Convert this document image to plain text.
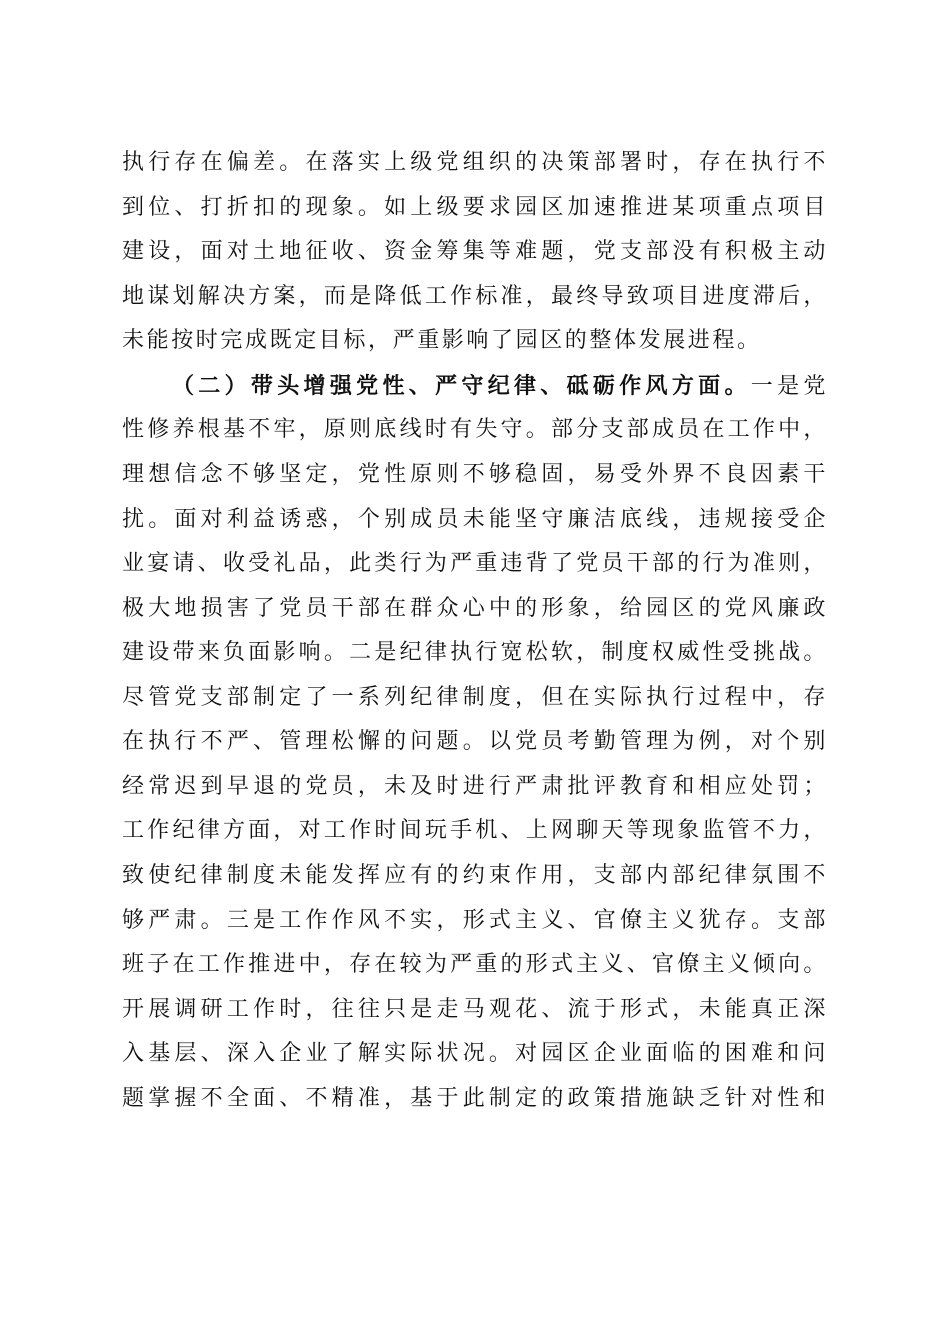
执行存在偏差。在落实上级党组织的决策部署时，存在执行不
到位、打折扣的现象。如上级要求园区加速推进某项重点项目
建设，面对土地征收、资金筹集等难题，党支部没有积极主动
地谋划解决方案，而是降低工作标准，最终导致项目进度滞后，
未能按时完成既定目标，严重影响了园区的整体发展进程。
（二）带头增强党性、严守纪律、砥砺作风方面。一是党
性修养根基不牢，原则底线时有失守。部分支部成员在工作中，
理想信念不够坚定，党性原则不够稳固，易受外界不良因素干
扰。面对利益诱惑，个别成员未能坚守廉洁底线，违规接受企
业宴请、收受礼品，此类行为严重违背了党员干部的行为准则，
极大地损害了党员干部在群众心中的形象，给园区的党风廉政
建设带来负面影响。二是纪律执行宽松软，制度权威性受挑战。
尽管党支部制定了一系列纪律制度，但在实际执行过程中，存
在执行不严、管理松懈的问题。以党员考勤管理为例，对个别
经常迟到早退的党员，未及时进行严肃批评教育和相应处罚；
工作纪律方面，对工作时间玩手机、上网聊天等现象监管不力，
致使纪律制度未能发挥应有的约束作用，支部内部纪律氛围不
够严肃。三是工作作风不实，形式主义、官僚主义犹存。支部
班子在工作推进中，存在较为严重的形式主义、官僚主义倾向。
开展调研工作时，往往只是走马观花、流于形式，未能真正深
入基层、深入企业了解实际状况。对园区企业面临的困难和问
题掌握不全面、不精准，基于此制定的政策措施缺乏针对性和
